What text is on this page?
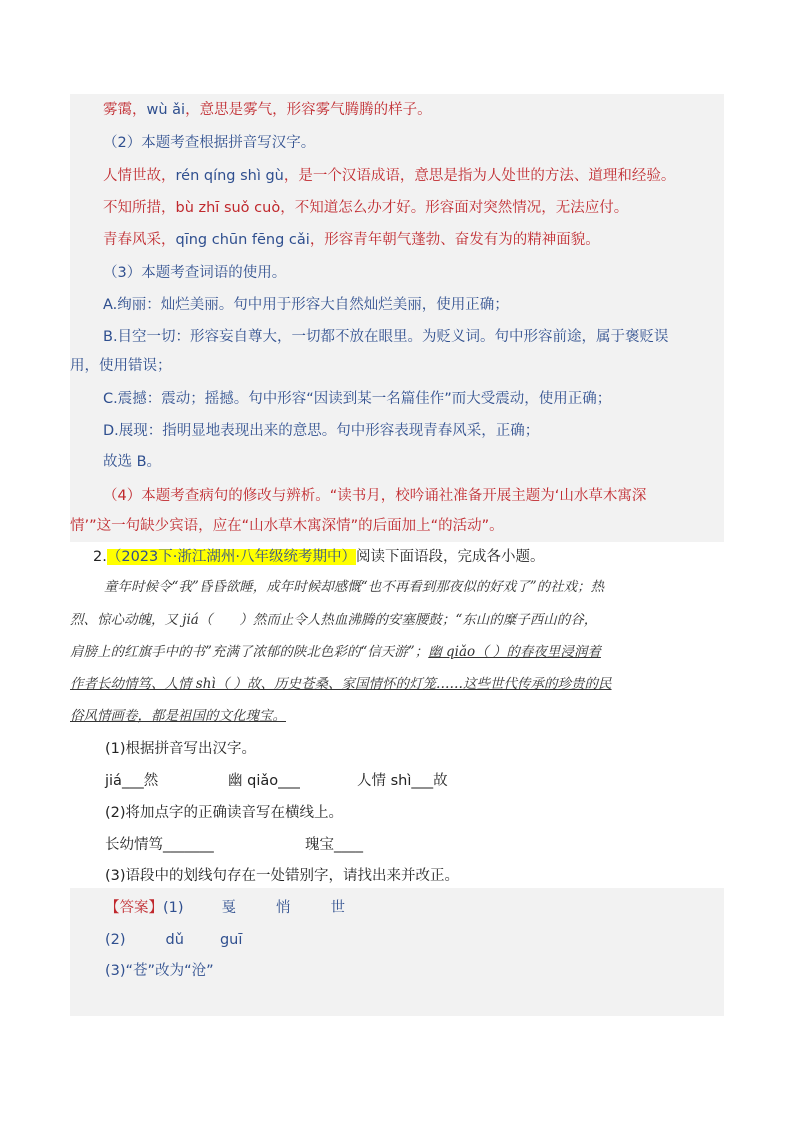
雾霭，wù ǎi，意思是雾气，形容雾气腾腾的样子。
（2）本题考查根据拼音写汉字。
人情世故，rén qíng shì gù，是一个汉语成语，意思是指为人处世的方法、道理和经验。
不知所措，bù zhī suǒ cuò，不知道怎么办才好。形容面对突然情况，无法应付。
青春风采，qīng chūn fēng cǎi，形容青年朝气蓬勃、奋发有为的精神面貌。
（3）本题考查词语的使用。
A.绚丽：灿烂美丽。句中用于形容大自然灿烂美丽，使用正确；
B.目空一切：形容妄自尊大，一切都不放在眼里。为贬义词。句中形容前途，属于褒贬误
用，使用错误；
C.震撼：震动；摇撼。句中形容“因读到某一名篇佳作”而大受震动，使用正确；
D.展现：指明显地表现出来的意思。句中形容表现青春风采，正确；
故选 B。
（4）本题考查病句的修改与辨析。“读书月，校吟诵社准备开展主题为‘山水草木寓深
情’”这一句缺少宾语，应在“山水草木寓深情”的后面加上“的活动”。
2.（2023下·浙江湖州·八年级统考期中）阅读下面语段，完成各小题。
童年时候令“我”昏昏欲睡，成年时候却感慨“也不再看到那夜似的好戏了”的社戏；热
烈、惊心动魄，又 jiá（　　）然而止令人热血沸腾的安塞腰鼓；“东山的糜子西山的谷，
肩膀上的红旗手中的书”充满了浓郁的陕北色彩的“信天游”；幽 qiǎo（ ）的春夜里浸润着
作者长幼情笃、人情 shì（ ）故、历史苍桑、家国情怀的灯笼……这些世代传承的珍贵的民
俗风情画卷，都是祖国的文化瑰宝。
(1)根据拼音写出汉字。
jiá___然	幽 qiǎo___	人情 shì___故
(2)将加点字的正确读音写在横线上。
长幼情笃_______	瑰宝____
(3)语段中的划线句存在一处错别字，请找出来并改正。
【答案】(1)	戛	悄	世
(2)	dǔ guī
(3)“苍”改为“沧”
